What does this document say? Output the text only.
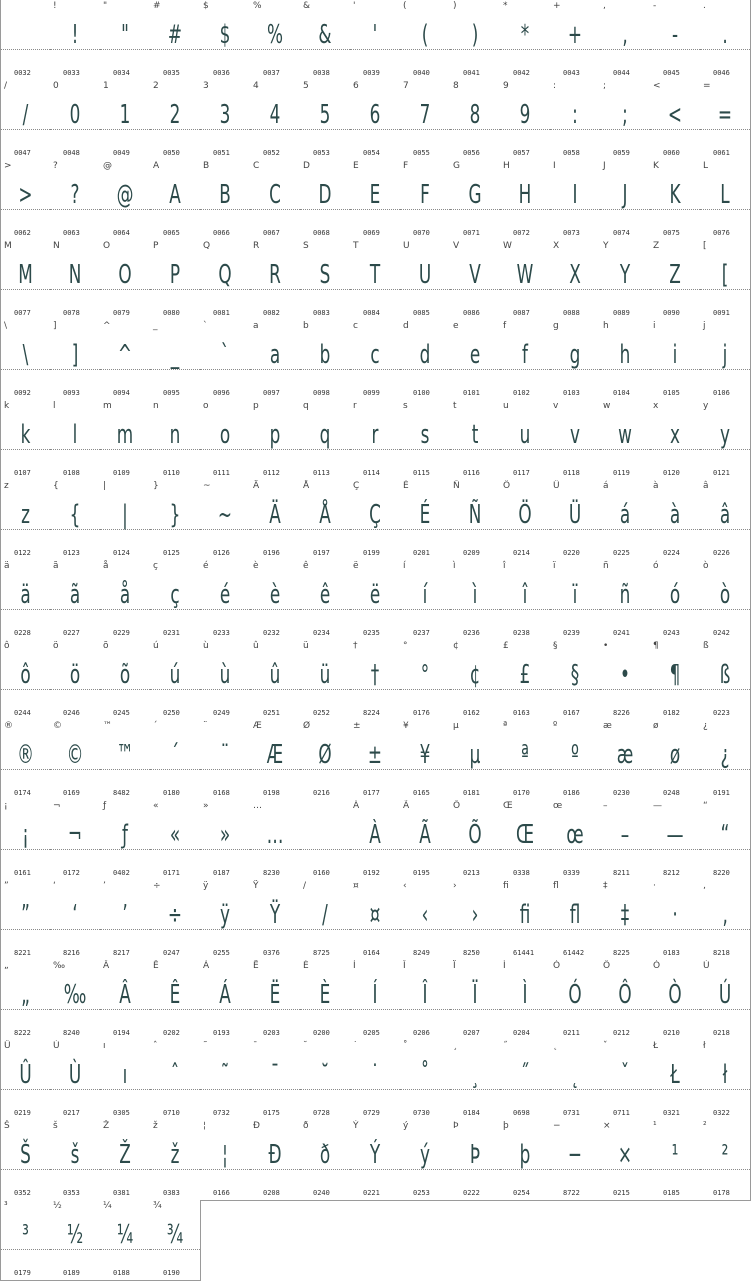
0032
!
!
0033
"
"
0034
#
#
0035
$
$
0036
%
%
0037
&
&
0038
'
'
0039
(
(
0040
)
)
0041
*
*
0042
+
+
0043
,
,
0044
-
-
0045
.
.
0046
/
/
0047
0
0
0048
1
1
0049
2
2
0050
3
3
0051
4
4
0052
5
5
0053
6
6
0054
7
7
0055
8
8
0056
9
9
0057
:
:
0058
;
;
0059
<
<
0060
=
=
0061
>
>
0062
?
?
0063
@
@
0064
A
A
0065
B
B
0066
C
C
0067
D
D
0068
E
E
0069
F
F
0070
G
G
0071
H
H
0072
I
I
0073
J
J
0074
K
K
0075
L
L
0076
M
M
0077
N
N
0078
O
O
0079
P
P
0080
Q
Q
0081
R
R
0082
S
S
0083
T
T
0084
U
U
0085
V
V
0086
W
W
0087
X
X
0088
Y
Y
0089
Z
Z
0090
[
[
0091
\
\
0092
]
]
0093
^
^
0094
_
_
0095
`
`
0096
a
a
0097
b
b
0098
c
c
0099
d
d
0100
e
e
0101
f
f
0102
g
g
0103
h
h
0104
i
i
0105
j
j
0106
k
k
0107
l
l
0108
m
m
0109
n
n
0110
o
o
0111
p
p
0112
q
q
0113
r
r
0114
s
s
0115
t
t
0116
u
u
0117
v
v
0118
w
w
0119
x
x
0120
y
y
0121
z
z
0122
{
{
0123
|
|
0124
}
}
0125
~
~
0126
Ä
Ä
0196
Å
Å
0197
Ç
Ç
0199
É
É
0201
Ñ
Ñ
0209
Ö
Ö
0214
Ü
Ü
0220
á
á
0225
à
à
0224
â
â
0226
ä
ä
0228
ã
ã
0227
å
å
0229
ç
ç
0231
é
é
0233
è
è
0232
ê
ê
0234
ë
ë
0235
í
í
0237
ì
ì
0236
î
î
0238
ï
ï
0239
ñ
ñ
0241
ó
ó
0243
ò
ò
0242
ô
ô
0244
ö
ö
0246
õ
õ
0245
ú
ú
0250
ù
ù
0249
û
û
0251
ü
ü
0252
†
†
8224
°
°
0176
¢
¢
0162
£
£
0163
§
§
0167
•
•
8226
¶
¶
0182
ß
ß
0223
®
®
0174
©
©
0169
™
™
8482
´
´
0180
¨
¨
0168
Æ
Æ
0198
Ø
Ø
0216
±
±
0177
¥
¥
0165
µ
µ
0181
ª
ª
0170
º
º
0186
æ
æ
0230
ø
ø
0248
¿
¿
0191
¡
¡
0161
¬
¬
0172
ƒ
ƒ
0402
«
«
0171
»
»
0187
…
…
8230	0160
À
À
0192
Ã
Ã
0195
Õ
Õ
0213
Œ
Œ
0338
œ
œ
0339
–
–
8211
—
—
8212
“
“
8220
”
”
8221
‘
‘
8216
’
’
8217
÷
÷
0247
ÿ
ÿ
0255
Ÿ
Ÿ
0376
∕
∕
8725
¤
¤
0164
‹
‹
8249
›
›
8250
ﬁ
ﬁ
61441
ﬂ
ﬂ
61442
‡
‡
8225
·
·
0183
‚
‚
8218
„
„
8222
‰
‰
8240
Â
Â
0194
Ê
Ê
0202
Á
Á
0193
Ë
Ë
0203
È
È
0200
Í
Í
0205
Î
Î
0206
Ï
Ï
0207
Ì
Ì
0204
Ó
Ó
0211
Ô
Ô
0212
Ò
Ò
0210
Ú
Ú
0218
Û
Û
0219
Ù
Ù
0217
ı
ı
0305
ˆ
ˆ
0710
˜
˜
0732
¯
¯
0175
˘
˘
0728
˙
˙
0729
˚
˚
0730
¸
¸
0184
˝
˝
0698
˛
˛
0731
ˇ
ˇ
0711
Ł
Ł
0321
ł
ł
0322
Š
Š
0352
š
š
0353
Ž
Ž
0381
ž
ž
0383
¦
¦
0166
Ð
Ð
0208
ð
ð
0240
Ý
Ý
0221
ý
ý
0253
Þ
Þ
0222
þ
þ
0254
−
−
8722
×
×
0215
¹
¹
0185
²
²
0178
³
³
0179
½
½
0189
¼
¼
0188
¾
¾
0190
